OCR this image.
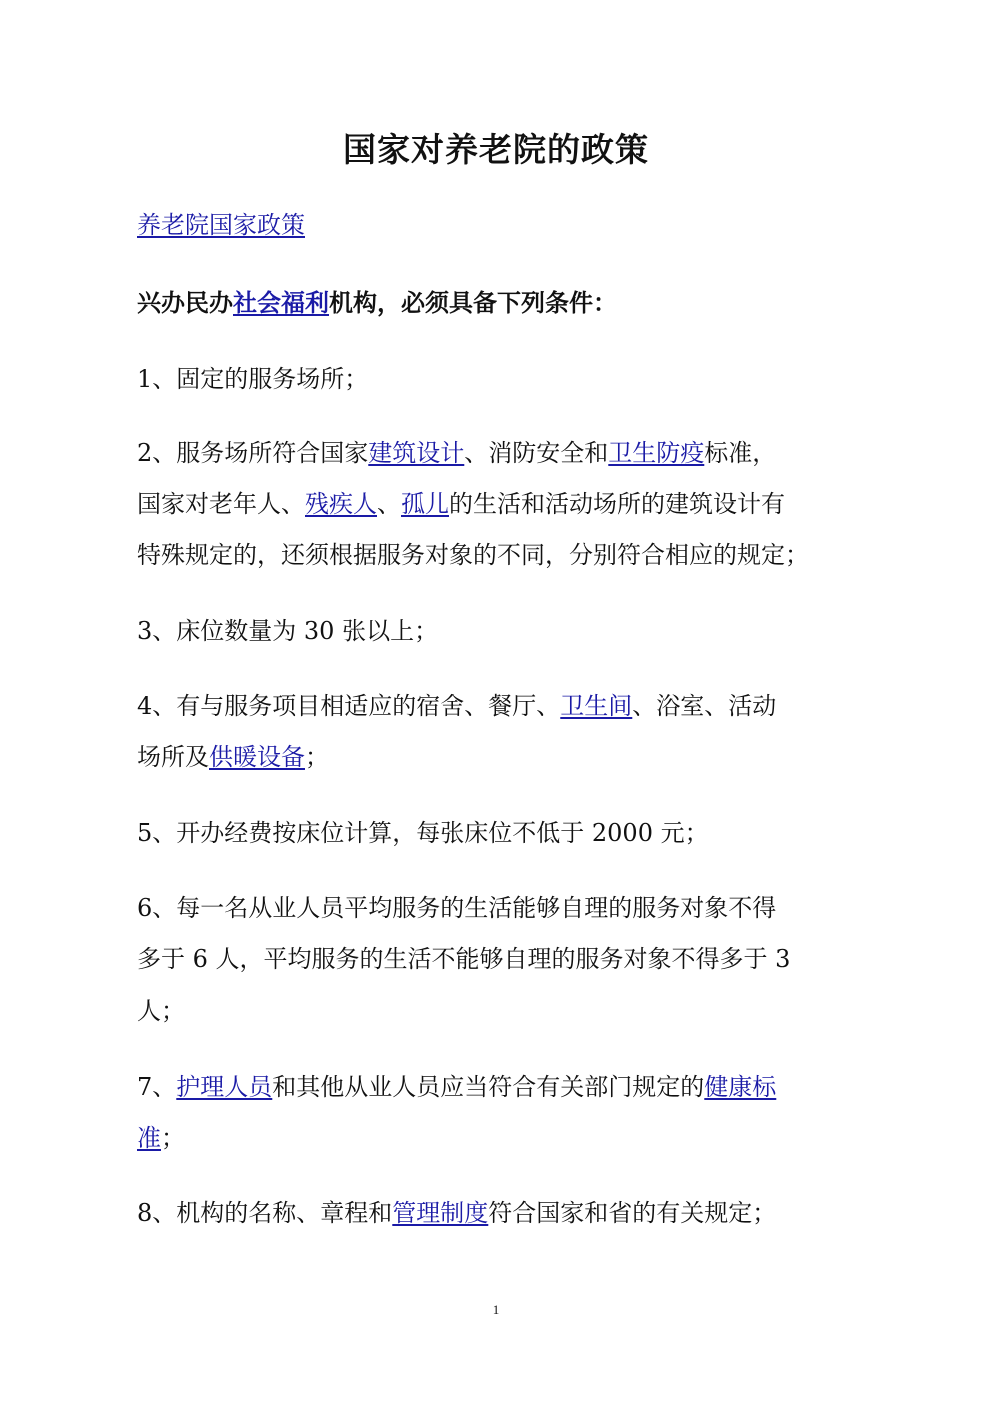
国家对养老院的政策
养老院国家政策
兴办民办社会福利机构，必须具备下列条件：
1、固定的服务场所；
2、服务场所符合国家建筑设计、消防安全和卫生防疫标准，
国家对老年人、残疾人、孤儿的生活和活动场所的建筑设计有
特殊规定的，还须根据服务对象的不同，分别符合相应的规定；
3、床位数量为 30 张以上；
4、有与服务项目相适应的宿舍、餐厅、卫生间、浴室、活动
场所及供暖设备；
5、开办经费按床位计算，每张床位不低于 2000 元；
6、每一名从业人员平均服务的生活能够自理的服务对象不得
多于 6 人，平均服务的生活不能够自理的服务对象不得多于 3
人；
7、护理人员和其他从业人员应当符合有关部门规定的健康标
准；
8、机构的名称、章程和管理制度符合国家和省的有关规定；
1
